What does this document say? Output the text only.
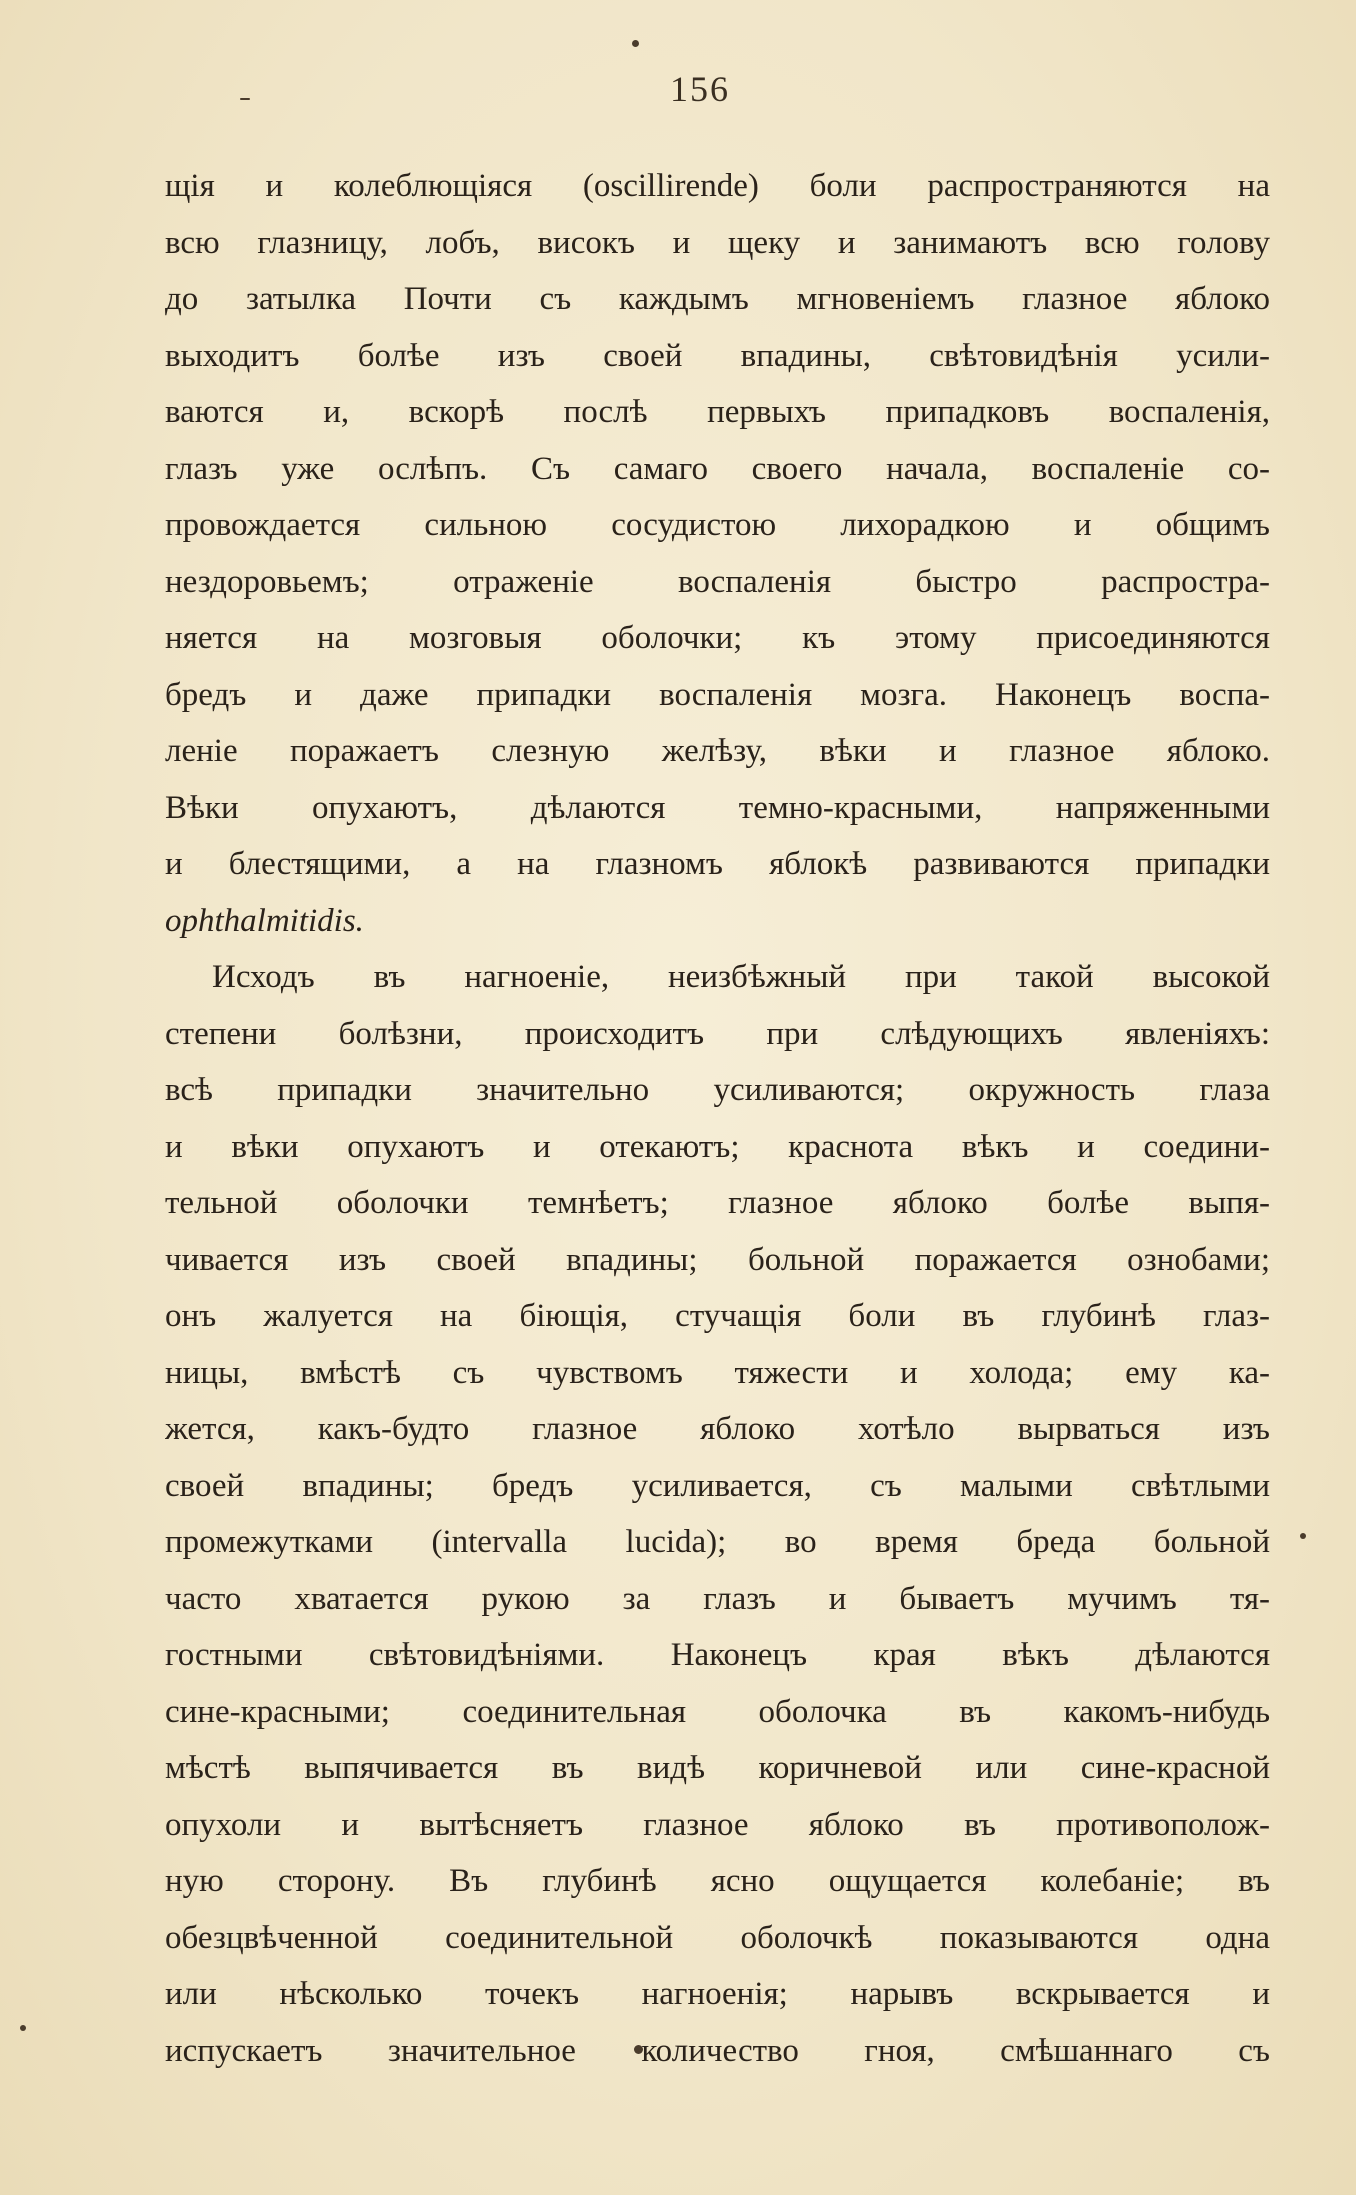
156
щія и колеблющіяся (oscillirende) боли распространяются на
всю глазницу, лобъ, високъ и щеку и занимаютъ всю голову
до затылка Почти съ каждымъ мгновеніемъ глазное яблоко
выходитъ болѣе изъ своей впадины, свѣтовидѣнія усили-
ваются и, вскорѣ послѣ первыхъ припадковъ воспаленія,
глазъ уже ослѣпъ. Съ самаго своего начала, воспаленіе со-
провождается сильною сосудистою лихорадкою и общимъ
нездоровьемъ; отраженіе воспаленія быстро распростра-
няется на мозговыя оболочки; къ этому присоединяются
бредъ и даже припадки воспаленія мозга. Наконецъ воспа-
леніе поражаетъ слезную желѣзу, вѣки и глазное яблоко.
Вѣки опухаютъ, дѣлаются темно-красными, напряженными
и блестящими, а на глазномъ яблокѣ развиваются припадки
ophthalmitidis.
Исходъ въ нагноеніе, неизбѣжный при такой высокой
степени болѣзни, происходитъ при слѣдующихъ явленіяхъ:
всѣ припадки значительно усиливаются; окружность глаза
и вѣки опухаютъ и отекаютъ; краснота вѣкъ и соедини-
тельной оболочки темнѣетъ; глазное яблоко болѣе выпя-
чивается изъ своей впадины; больной поражается ознобами;
онъ жалуется на біющія, стучащія боли въ глубинѣ глаз-
ницы, вмѣстѣ съ чувствомъ тяжести и холода; ему ка-
жется, какъ-будто глазное яблоко хотѣло вырваться изъ
своей впадины; бредъ усиливается, съ малыми свѣтлыми
промежутками (intervalla lucida); во время бреда больной
часто хватается рукою за глазъ и бываетъ мучимъ тя-
гостными свѣтовидѣніями. Наконецъ края вѣкъ дѣлаются
сине-красными; соединительная оболочка въ какомъ-нибудь
мѣстѣ выпячивается въ видѣ коричневой или сине-красной
опухоли и вытѣсняетъ глазное яблоко въ противополож-
ную сторону. Въ глубинѣ ясно ощущается колебаніе; въ
обезцвѣченной соединительной оболочкѣ показываются одна
или нѣсколько точекъ нагноенія; нарывъ вскрывается и
испускаетъ значительное количество гноя, смѣшаннаго съ
